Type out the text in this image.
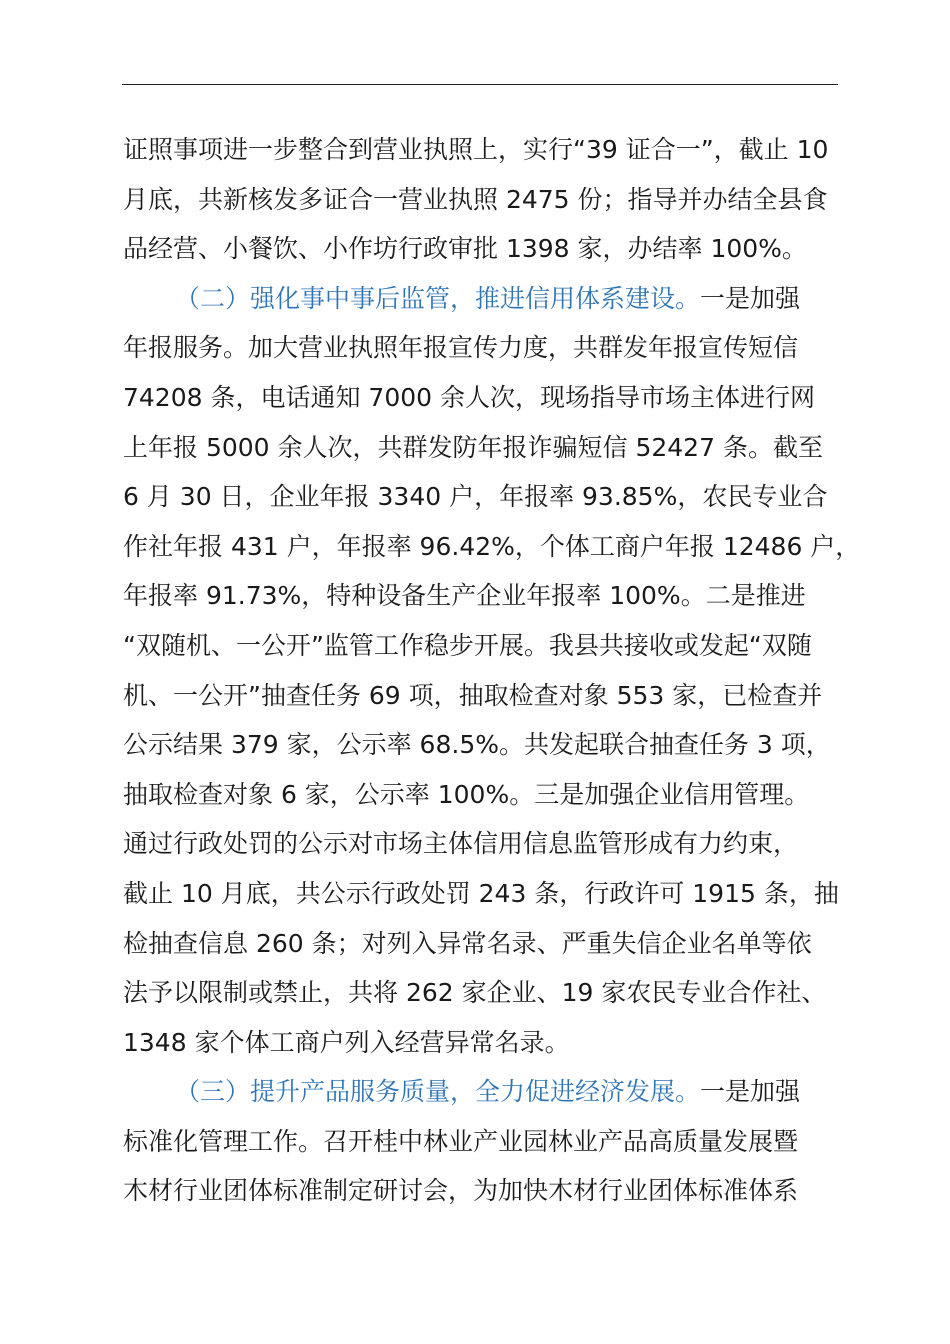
证照事项进一步整合到营业执照上，实行“39 证合一”，截止 10
月底，共新核发多证合一营业执照 2475 份；指导并办结全县食
品经营、小餐饮、小作坊行政审批 1398 家，办结率 100%。
（二）强化事中事后监管，推进信用体系建设。一是加强
年报服务。加大营业执照年报宣传力度，共群发年报宣传短信
74208 条，电话通知 7000 余人次，现场指导市场主体进行网
上年报 5000 余人次，共群发防年报诈骗短信 52427 条。截至
6 月 30 日，企业年报 3340 户，年报率 93.85%，农民专业合
作社年报 431 户，年报率 96.42%，个体工商户年报 12486 户，
年报率 91.73%，特种设备生产企业年报率 100%。二是推进
“双随机、一公开”监管工作稳步开展。我县共接收或发起“双随
机、一公开”抽查任务 69 项，抽取检查对象 553 家，已检查并
公示结果 379 家，公示率 68.5%。共发起联合抽查任务 3 项，
抽取检查对象 6 家，公示率 100%。三是加强企业信用管理。
通过行政处罚的公示对市场主体信用信息监管形成有力约束，
截止 10 月底，共公示行政处罚 243 条，行政许可 1915 条，抽
检抽查信息 260 条；对列入异常名录、严重失信企业名单等依
法予以限制或禁止，共将 262 家企业、19 家农民专业合作社、
1348 家个体工商户列入经营异常名录。
（三）提升产品服务质量，全力促进经济发展。一是加强
标准化管理工作。召开桂中林业产业园林业产品高质量发展暨
木材行业团体标准制定研讨会，为加快木材行业团体标准体系
